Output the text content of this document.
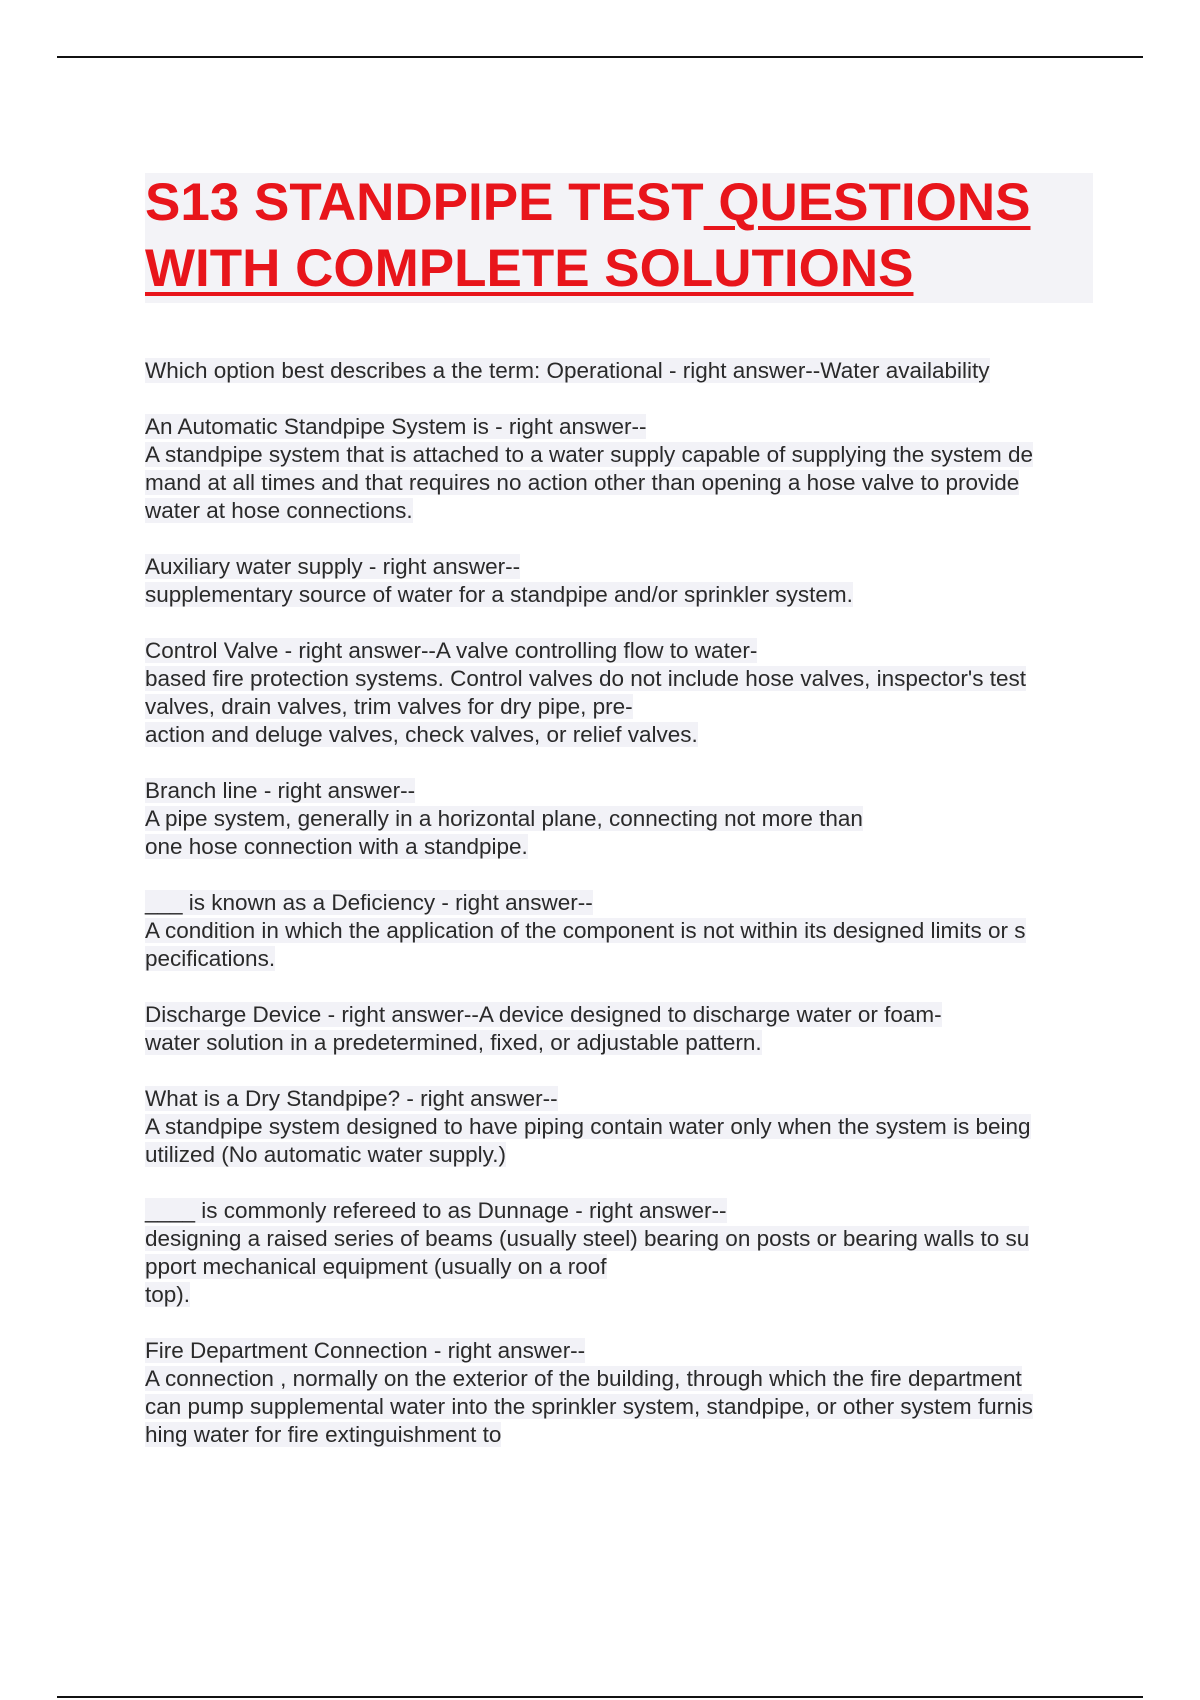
S13 STANDPIPE TEST QUESTIONS
WITH COMPLETE SOLUTIONS
Which option best describes a the term: Operational - right answer--Water availability
An Automatic Standpipe System is - right answer--
A standpipe system that is attached to a water supply capable of supplying the system de
mand at all times and that requires no action other than opening a hose valve to provide
water at hose connections.
Auxiliary water supply - right answer--
supplementary source of water for a standpipe and/or sprinkler system.
Control Valve - right answer--A valve controlling flow to water-
based fire protection systems. Control valves do not include hose valves, inspector's test
valves, drain valves, trim valves for dry pipe, pre-
action and deluge valves, check valves, or relief valves.
Branch line - right answer--
A pipe system, generally in a horizontal plane, connecting not more than
one hose connection with a standpipe.
___ is known as a Deficiency - right answer--
A condition in which the application of the component is not within its designed limits or s
pecifications.
Discharge Device - right answer--A device designed to discharge water or foam-
water solution in a predetermined, fixed, or adjustable pattern.
What is a Dry Standpipe? - right answer--
A standpipe system designed to have piping contain water only when the system is being
utilized (No automatic water supply.)
____ is commonly refereed to as Dunnage - right answer--
designing a raised series of beams (usually steel) bearing on posts or bearing walls to su
pport mechanical equipment (usually on a roof
top).
Fire Department Connection - right answer--
A connection , normally on the exterior of the building, through which the fire department
can pump supplemental water into the sprinkler system, standpipe, or other system furnis
hing water for fire extinguishment to
